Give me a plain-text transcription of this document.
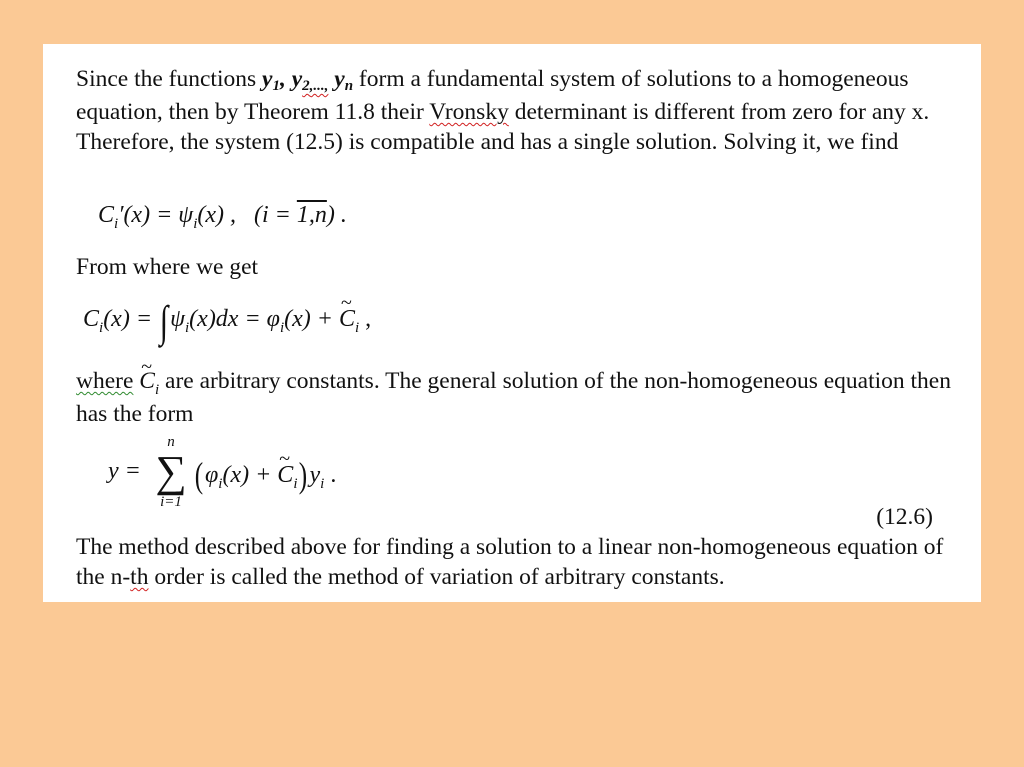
Since the functions y1, y2,..., yn form a fundamental system of solutions to a homogeneous equation, then by Theorem 11.8 their Vronsky determinant is different from zero for any x. Therefore, the system (12.5) is compatible and has a single solution. Solving it, we find

$C_i'(x) = \psi_i(x)$ , (i = 1,n) .

From where we get

$C_i(x) = \int\psi_i(x)dx = \varphi_i(x)$ + ~ $C_i$ ,
where ~ $C_i$ are arbitrary constants. The general solution of the non-homogeneous equation then has the form
y =
n
∑
i=1
($\varphi_i(x)$ + ~ $C_i)y_i$ .
(12.6)

The method described above for finding a solution to a linear non-homogeneous equation of the n-th order is called the method of variation of arbitrary constants.
